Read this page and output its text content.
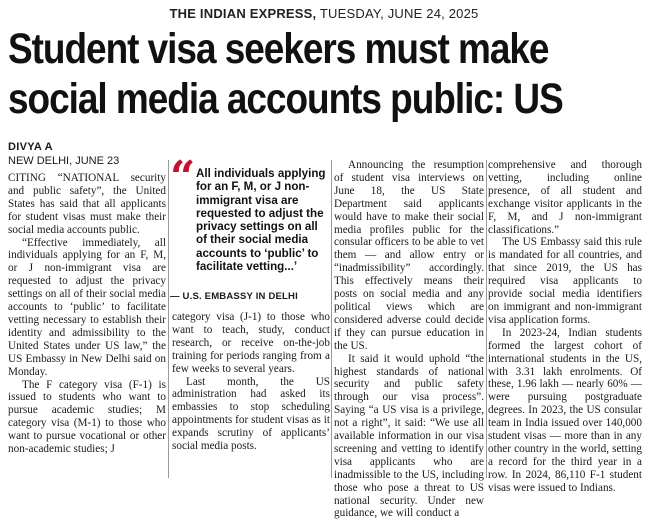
THE INDIAN EXPRESS, TUESDAY, JUNE 24, 2025
Student visa seekers must make
social media accounts public: US
DIVYA A
NEW DELHI, JUNE 23

CITING “NATIONAL security and public safety”, the United States has said that all applicants for student visas must make their social media accounts public.

“Effective immediately, all individuals applying for an F, M, or J non-immigrant visa are requested to adjust the privacy settings on all of their social media accounts to ‘public’ to facilitate vetting necessary to establish their identity and admissibility to the United States under US law,” the US Embassy in New Delhi said on Monday.

The F category visa (F-1) is issued to students who want to pursue academic studies; M category visa (M-1) to those who want to pursue vocational or other non-academic studies; J

“ All individuals applying for an F, M, or J non-immigrant visa are requested to adjust the privacy settings on all of their social media accounts to ‘public’ to facilitate vetting...’
— U.S. EMBASSY IN DELHI

category visa (J-1) to those who want to teach, study, conduct research, or receive on-the-job training for periods ranging from a few weeks to several years.

Last month, the US administration had asked its embassies to stop scheduling appointments for student visas as it expands scrutiny of applicants’ social media posts.

Announcing the resumption of student visa interviews on June 18, the US State Department said applicants would have to make their social media profiles public for the consular officers to be able to vet them — and allow entry or “inadmissibility” accordingly. This effectively means their posts on social media and any political views which are considered adverse could decide if they can pursue education in the US.

It said it would uphold “the highest standards of national security and public safety through our visa process”. Saying “a US visa is a privilege, not a right”, it said: “We use all available information in our visa screening and vetting to identify visa applicants who are inadmissible to the US, including those who pose a threat to US national security. Under new guidance, we will conduct a

comprehensive and thorough vetting, including online presence, of all student and exchange visitor applicants in the F, M, and J non-immigrant classifications.”

The US Embassy said this rule is mandated for all countries, and that since 2019, the US has required visa applicants to provide social media identifiers on immigrant and non-immigrant visa application forms.

In 2023-24, Indian students formed the largest cohort of international students in the US, with 3.31 lakh enrolments. Of these, 1.96 lakh — nearly 60% — were pursuing postgraduate degrees. In 2023, the US consular team in India issued over 140,000 student visas — more than in any other country in the world, setting a record for the third year in a row. In 2024, 86,110 F-1 student visas were issued to Indians.
